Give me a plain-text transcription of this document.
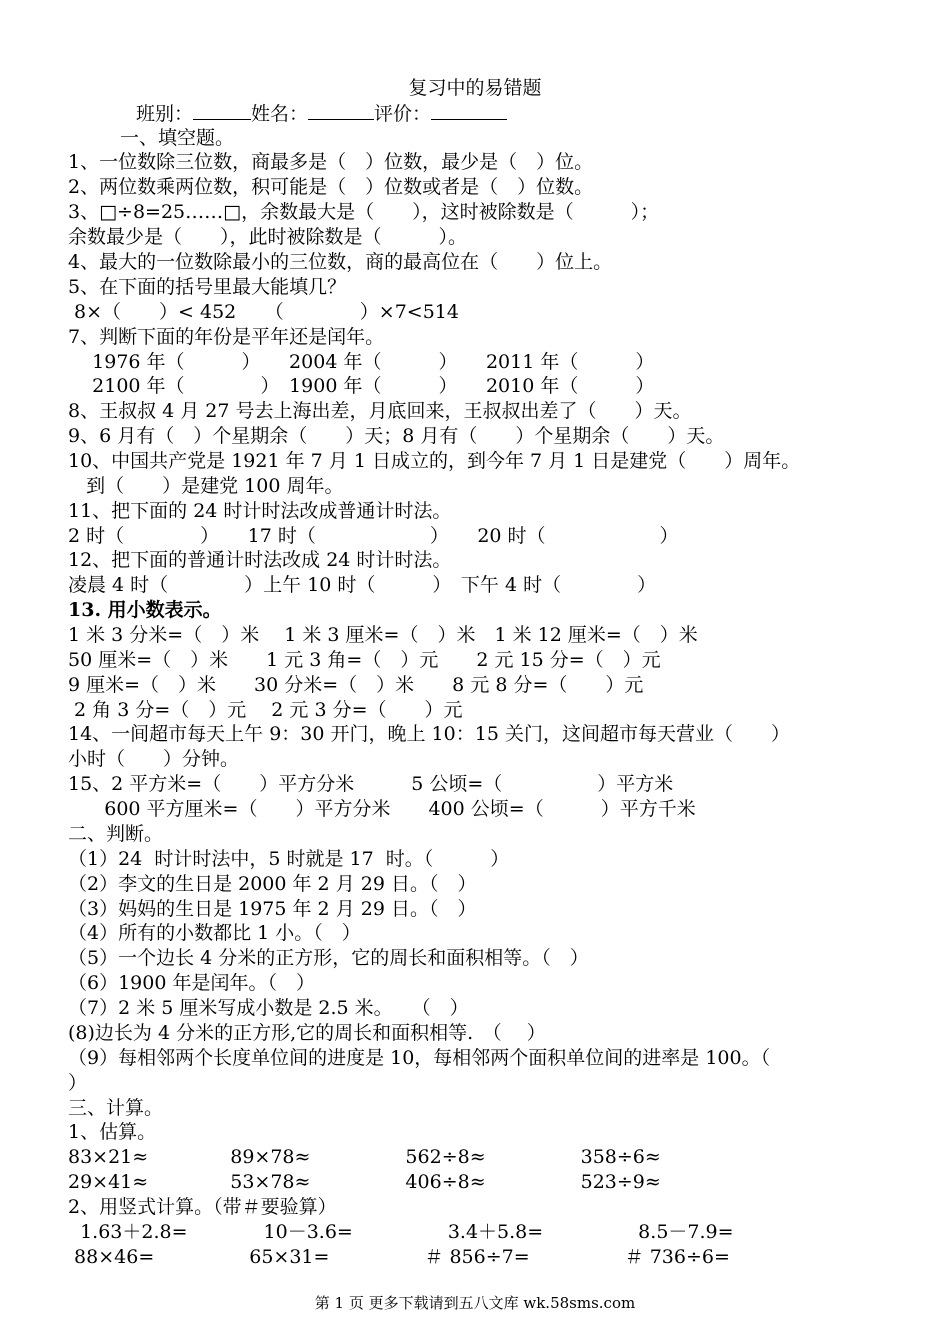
复习中的易错题
班别：	姓名：	评价：
一、填空题。
1、一位数除三位数，商最多是（　）位数，最少是（　）位。
2、两位数乘两位数，积可能是（　）位数或者是（　）位数。
3、□÷8=25……□，余数最大是（　　），这时被除数是（　　　）；
余数最少是（　　），此时被除数是（　　　）。
4、最大的一位数除最小的三位数，商的最高位在（　　）位上。
5、在下面的括号里最大能填几？
8×（　　）< 452　　（　　　　）×7<514
7、判断下面的年份是平年还是闰年。
1976 年（　　　）　　2004 年（　　　）　　2011 年（　　　）
2100 年（　　　　）　1900 年（　　　）　　2010 年（　　　）
8、王叔叔 4 月 27 号去上海出差，月底回来，王叔叔出差了（　　）天。
9、6 月有（　）个星期余（　　）天；8 月有（　　）个星期余（　　）天。
10、中国共产党是 1921 年 7 月 1 日成立的，到今年 7 月 1 日是建党（　　）周年。
到（　　）是建党 100 周年。
11、把下面的 24 时计时法改成普通计时法。
2 时（　　　　）　　17 时（　　　　　　）　　20 时（　　　　　　）
12、把下面的普通计时法改成 24 时计时法。
凌晨 4 时（　　　　）上午 10 时（　　　）　下午 4 时（　　　　）
13. 用小数表示。
1 米 3 分米=（　）米　 1 米 3 厘米=（　）米　1 米 12 厘米=（　）米
50 厘米=（　）米　　1 元 3 角=（　）元　　2 元 15 分=（　）元
9 厘米=（　）米　　30 分米=（　）米　　8 元 8 分=（　　）元
2 角 3 分=（　）元　 2 元 3 分=（　　）元
14、一间超市每天上午 9：30 开门，晚上 10：15 关门，这间超市每天营业（　　）
小时（　　）分钟。
15、2 平方米=（　　）平方分米　　　5 公顷=（　　　　　）平方米
600 平方厘米=（　　）平方分米　　400 公顷=（　　　）平方千米
二、判断。
（1）24  时计时法中，5 时就是 17  时。（　　　）
（2）李文的生日是 2000 年 2 月 29 日。（　）
（3）妈妈的生日是 1975 年 2 月 29 日。（　）
（4）所有的小数都比 1 小。（　）
（5）一个边长 4 分米的正方形，它的周长和面积相等。（　）
（6）1900 年是闰年。（　）
（7）2 米 5 厘米写成小数是 2.5 米。　　（　）
(8)边长为 4 分米的正方形,它的周长和面积相等.　（　 ）
（9）每相邻两个长度单位间的进度是 10，每相邻两个面积单位间的进率是 100。（
）
三、计算。
1、估算。
83×21≈　　　　 89×78≈　　　　　562÷8≈　　　　　358÷6≈
29×41≈　　　　 53×78≈　　　　　406÷8≈　　　　　523÷9≈
2、用竖式计算。（带＃要验算）
1.63＋2.8=　　　　10－3.6=　　　　　3.4＋5.8=　　　　　8.5－7.9=
88×46=　　　　　65×31=　　　　　＃ 856÷7=　　　　　＃ 736÷6=
第 1 页 更多下载请到五八文库 wk.58sms.com
